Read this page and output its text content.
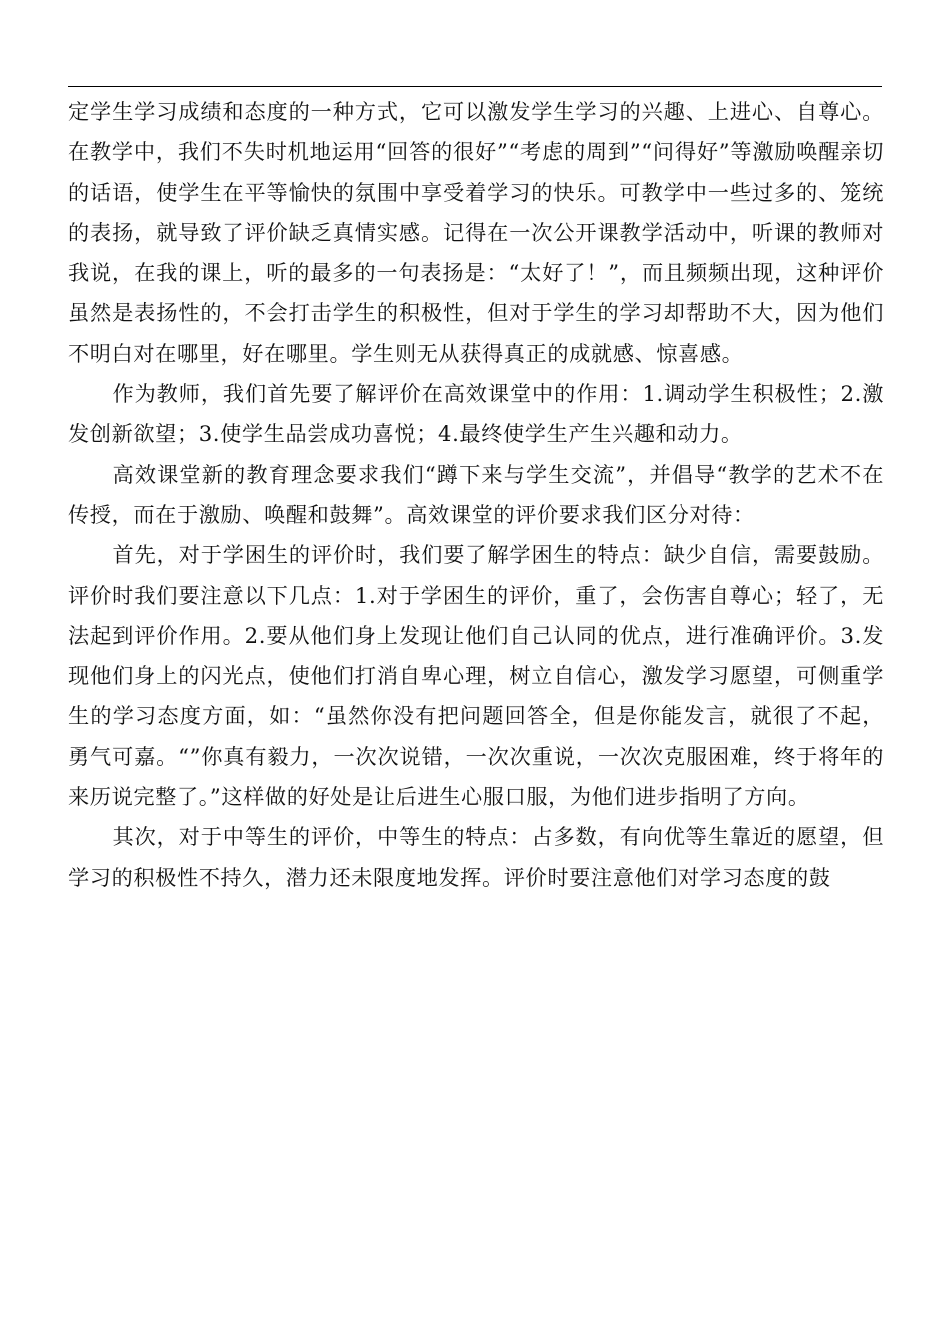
定学生学习成绩和态度的一种方式，它可以激发学生学习的兴趣、上进心、自尊心。在教学中，我们不失时机地运用“回答的很好”“考虑的周到”“问得好”等激励唤醒亲切的话语，使学生在平等愉快的氛围中享受着学习的快乐。可教学中一些过多的、笼统的表扬，就导致了评价缺乏真情实感。记得在一次公开课教学活动中，听课的教师对我说，在我的课上，听的最多的一句表扬是：“太好了！”，而且频频出现，这种评价虽然是表扬性的，不会打击学生的积极性，但对于学生的学习却帮助不大，因为他们不明白对在哪里，好在哪里。学生则无从获得真正的成就感、惊喜感。

作为教师，我们首先要了解评价在高效课堂中的作用：1.调动学生积极性；2.激发创新欲望；3.使学生品尝成功喜悦；4.最终使学生产生兴趣和动力。

高效课堂新的教育理念要求我们“蹲下来与学生交流”，并倡导“教学的艺术不在传授，而在于激励、唤醒和鼓舞”。高效课堂的评价要求我们区分对待：

首先，对于学困生的评价时，我们要了解学困生的特点：缺少自信，需要鼓励。评价时我们要注意以下几点：1.对于学困生的评价，重了，会伤害自尊心；轻了，无法起到评价作用。2.要从他们身上发现让他们自己认同的优点，进行准确评价。3.发现他们身上的闪光点，使他们打消自卑心理，树立自信心，激发学习愿望，可侧重学生的学习态度方面，如：“虽然你没有把问题回答全，但是你能发言，就很了不起，勇气可嘉。“”你真有毅力，一次次说错，一次次重说，一次次克服困难，终于将年的来历说完整了。”这样做的好处是让后进生心服口服，为他们进步指明了方向。

其次，对于中等生的评价，中等生的特点：占多数，有向优等生靠近的愿望，但学习的积极性不持久，潜力还未限度地发挥。评价时要注意他们对学习态度的鼓
